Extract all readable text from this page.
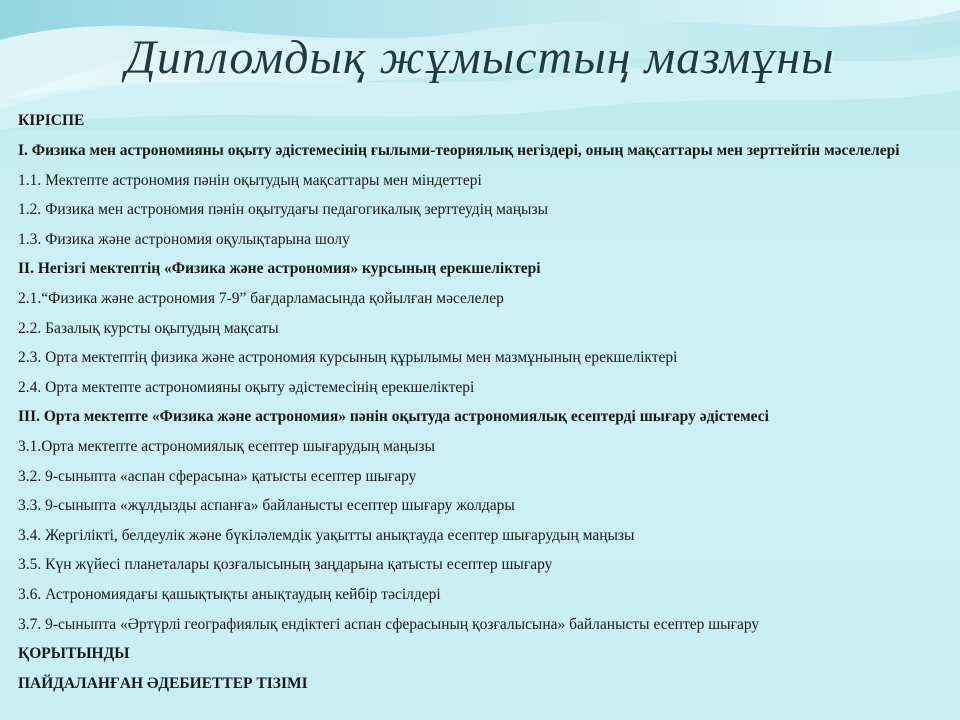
Дипломдық жұмыстың мазмұны
КІРІСПЕ
І. Физика мен астрономияны оқыту әдістемесінің ғылыми-теориялық негіздері, оның мақсаттары мен зерттейтін мәселелері
1.1. Мектепте астрономия пәнін оқытудың мақсаттары мен міндеттері
1.2. Физика мен астрономия пәнін оқытудағы педагогикалық зерттеудің маңызы
1.3. Физика және астрономия оқулықтарына шолу
ІІ. Негізгі мектептің «Физика және астрономия» курсының ерекшеліктері
2.1.“Физика және астрономия 7-9” бағдарламасында қойылған мәселелер
2.2. Базалық курсты оқытудың мақсаты
2.3. Орта мектептің физика және астрономия курсының құрылымы мен мазмұнының ерекшеліктері
2.4. Орта мектепте астрономияны оқыту әдістемесінің ерекшеліктері
ІІІ. Орта мектепте «Физика және астрономия» пәнін оқытуда астрономиялық есептерді шығару әдістемесі
3.1.Орта мектепте астрономиялық есептер шығарудың маңызы
3.2. 9-сыныпта «аспан сферасына» қатысты есептер шығару
3.3. 9-сыныпта «жұлдызды аспанға» байланысты есептер шығару жолдары
3.4. Жергілікті, белдеулік және бүкіләлемдік уақытты анықтауда есептер шығарудың маңызы
3.5. Күн жүйесі планеталары қозғалысының заңдарына қатысты есептер шығару
3.6. Астрономиядағы қашықтықты анықтаудың кейбір тәсілдері
3.7. 9-сыныпта «Әртүрлі географиялық ендіктегі аспан сферасының қозғалысына» байланысты есептер шығару
ҚОРЫТЫНДЫ
ПАЙДАЛАНҒАН ӘДЕБИЕТТЕР ТІЗІМІ
